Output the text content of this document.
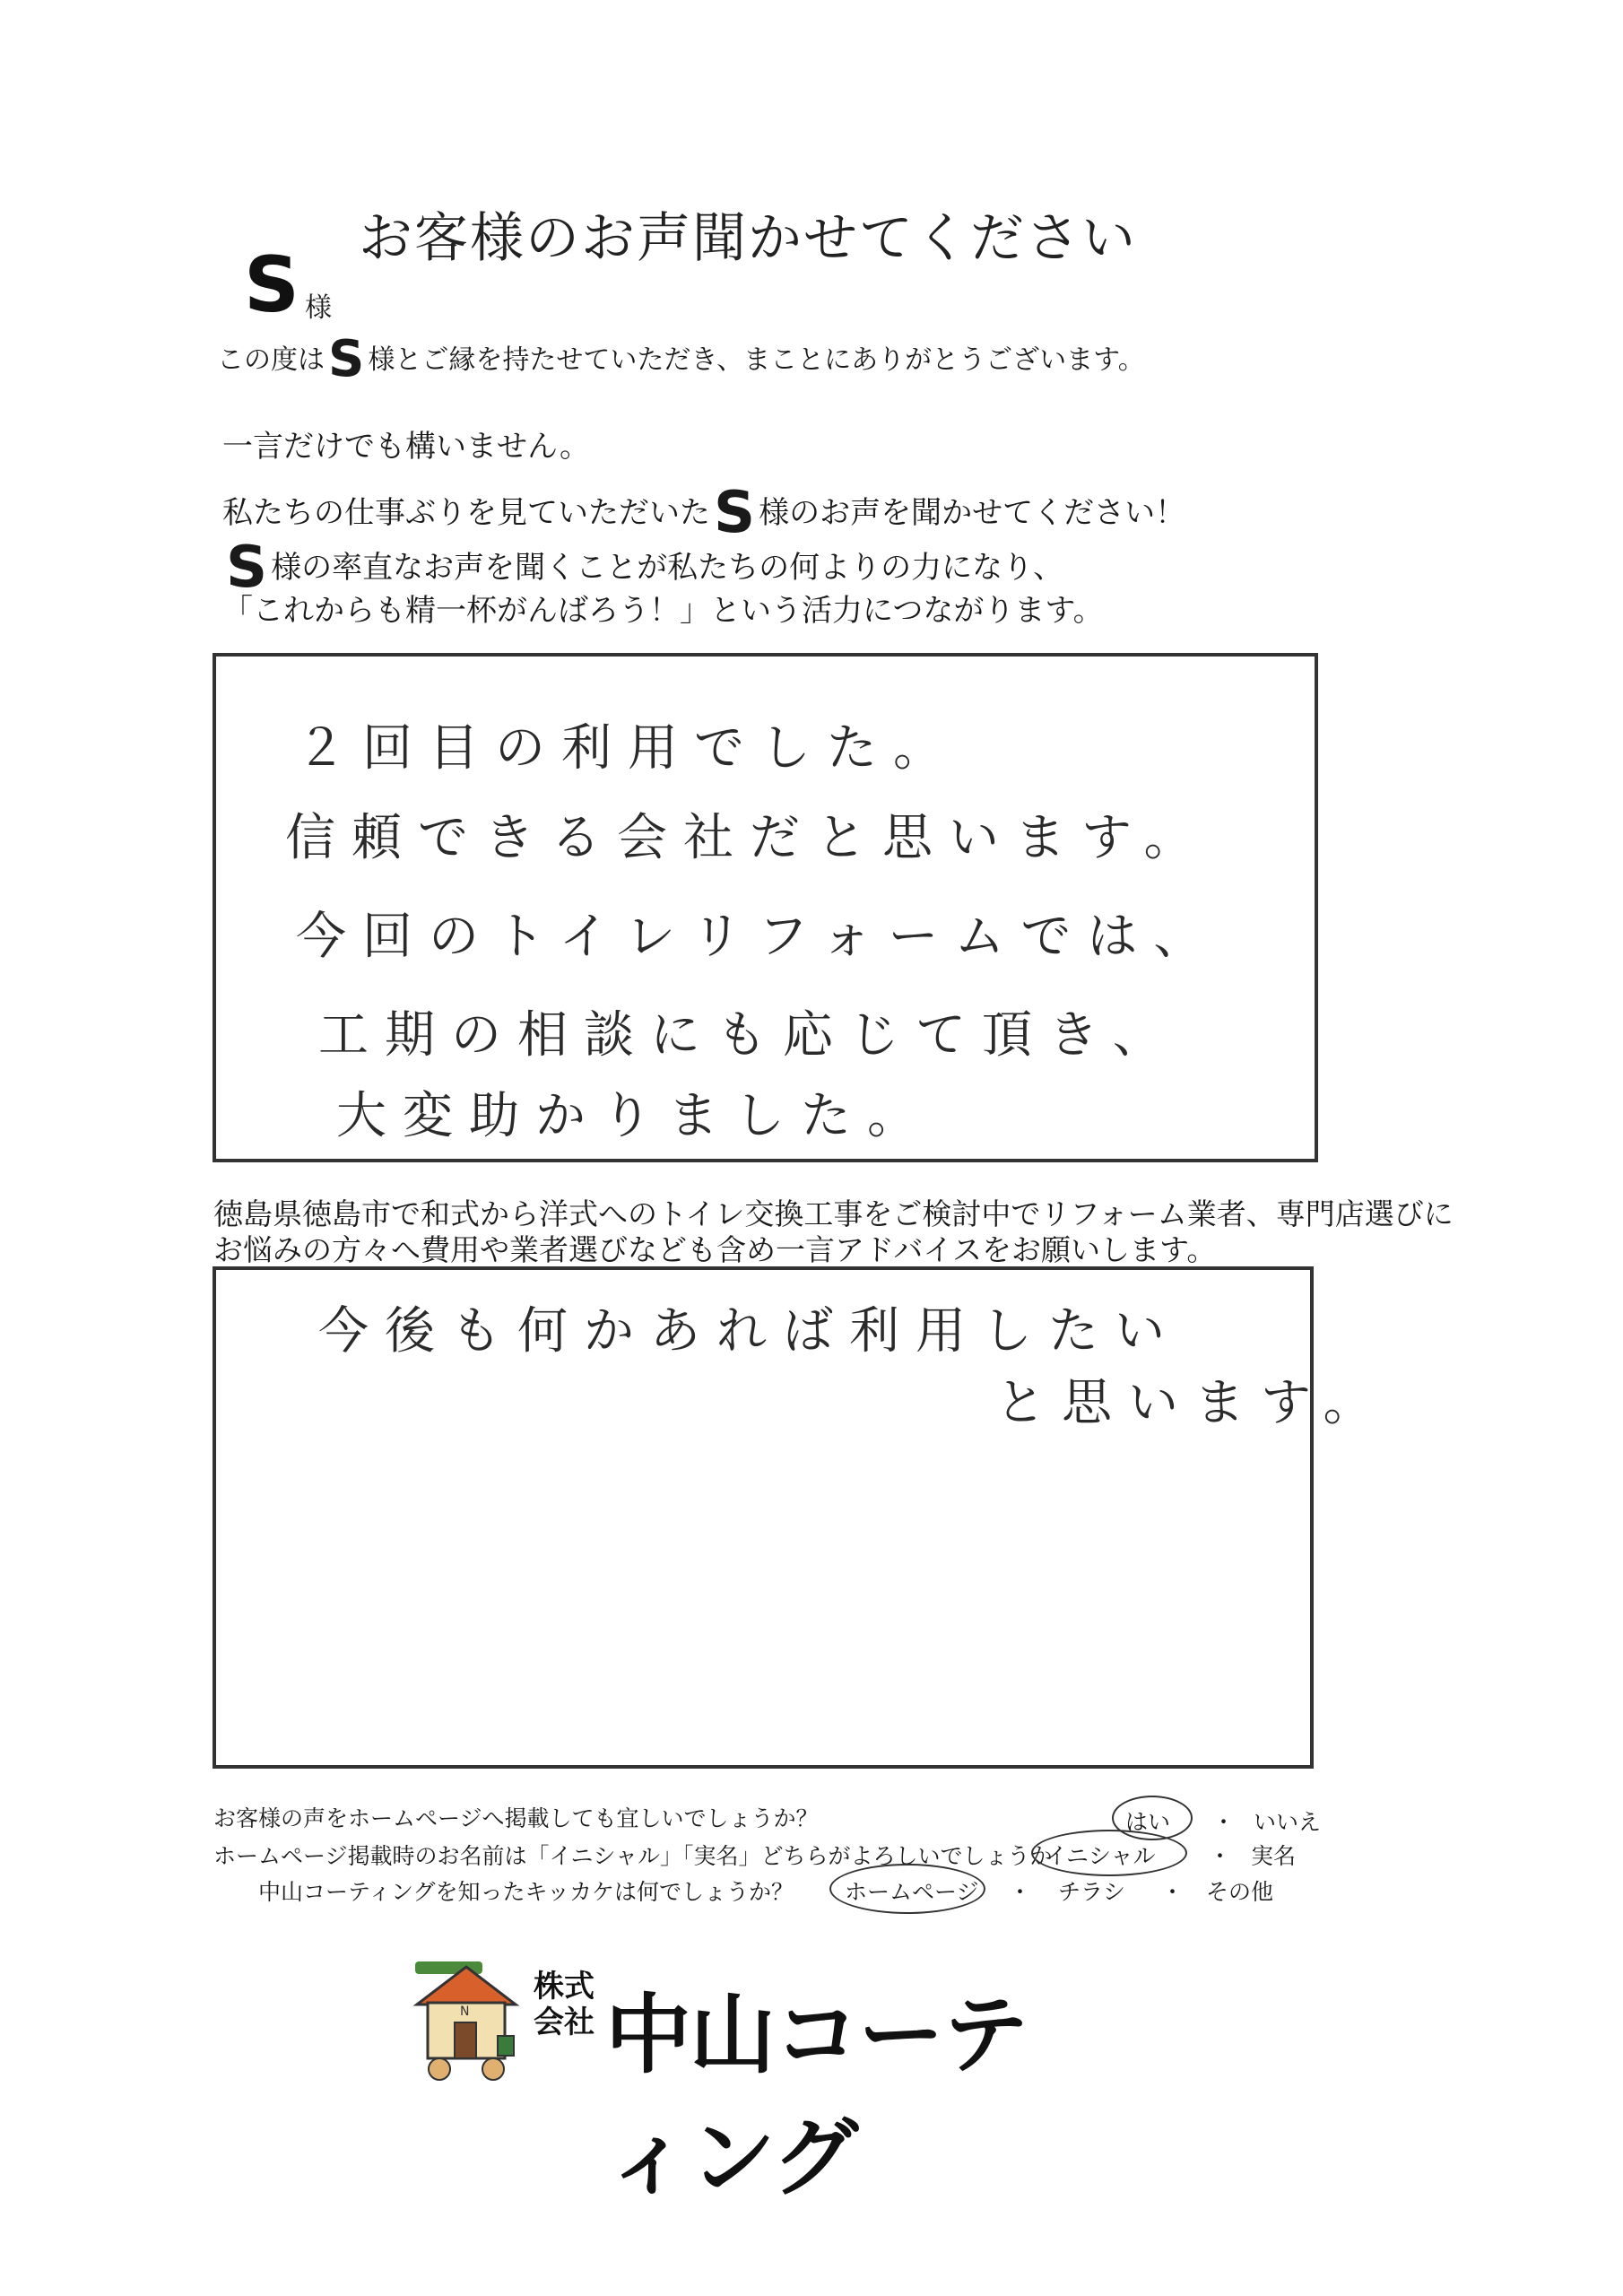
お客様のお声聞かせてください
S 様
この度はS 様とご縁を持たせていただき、まことにありがとうございます。
一言だけでも構いません。
私たちの仕事ぶりを見ていただいたS 様のお声を聞かせてください！
S様の率直なお声を聞くことが私たちの何よりの力になり、
「これからも精一杯がんばろう！」という活力につながります。
２回目の利用でした。
信頼できる会社だと思います。
今回のトイレリフォームでは、
工期の相談にも応じて頂き、
大変助かりました。
徳島県徳島市で和式から洋式へのトイレ交換工事をご検討中でリフォーム業者、専門店選びに
お悩みの方々へ費用や業者選びなども含め一言アドバイスをお願いします。
今後も何かあれば利用したい
と思います。
お客様の声をホームページへ掲載しても宜しいでしょうか？	はい ・ いいえ
ホームページ掲載時のお名前は「イニシャル」「実名」どちらがよろしいでしょうか
イニシャル ・ 実名
中山コーティングを知ったキッカケは何でしょうか？ ホームページ ・ チラシ ・ その他
N
株式
会社 中山コーティング
